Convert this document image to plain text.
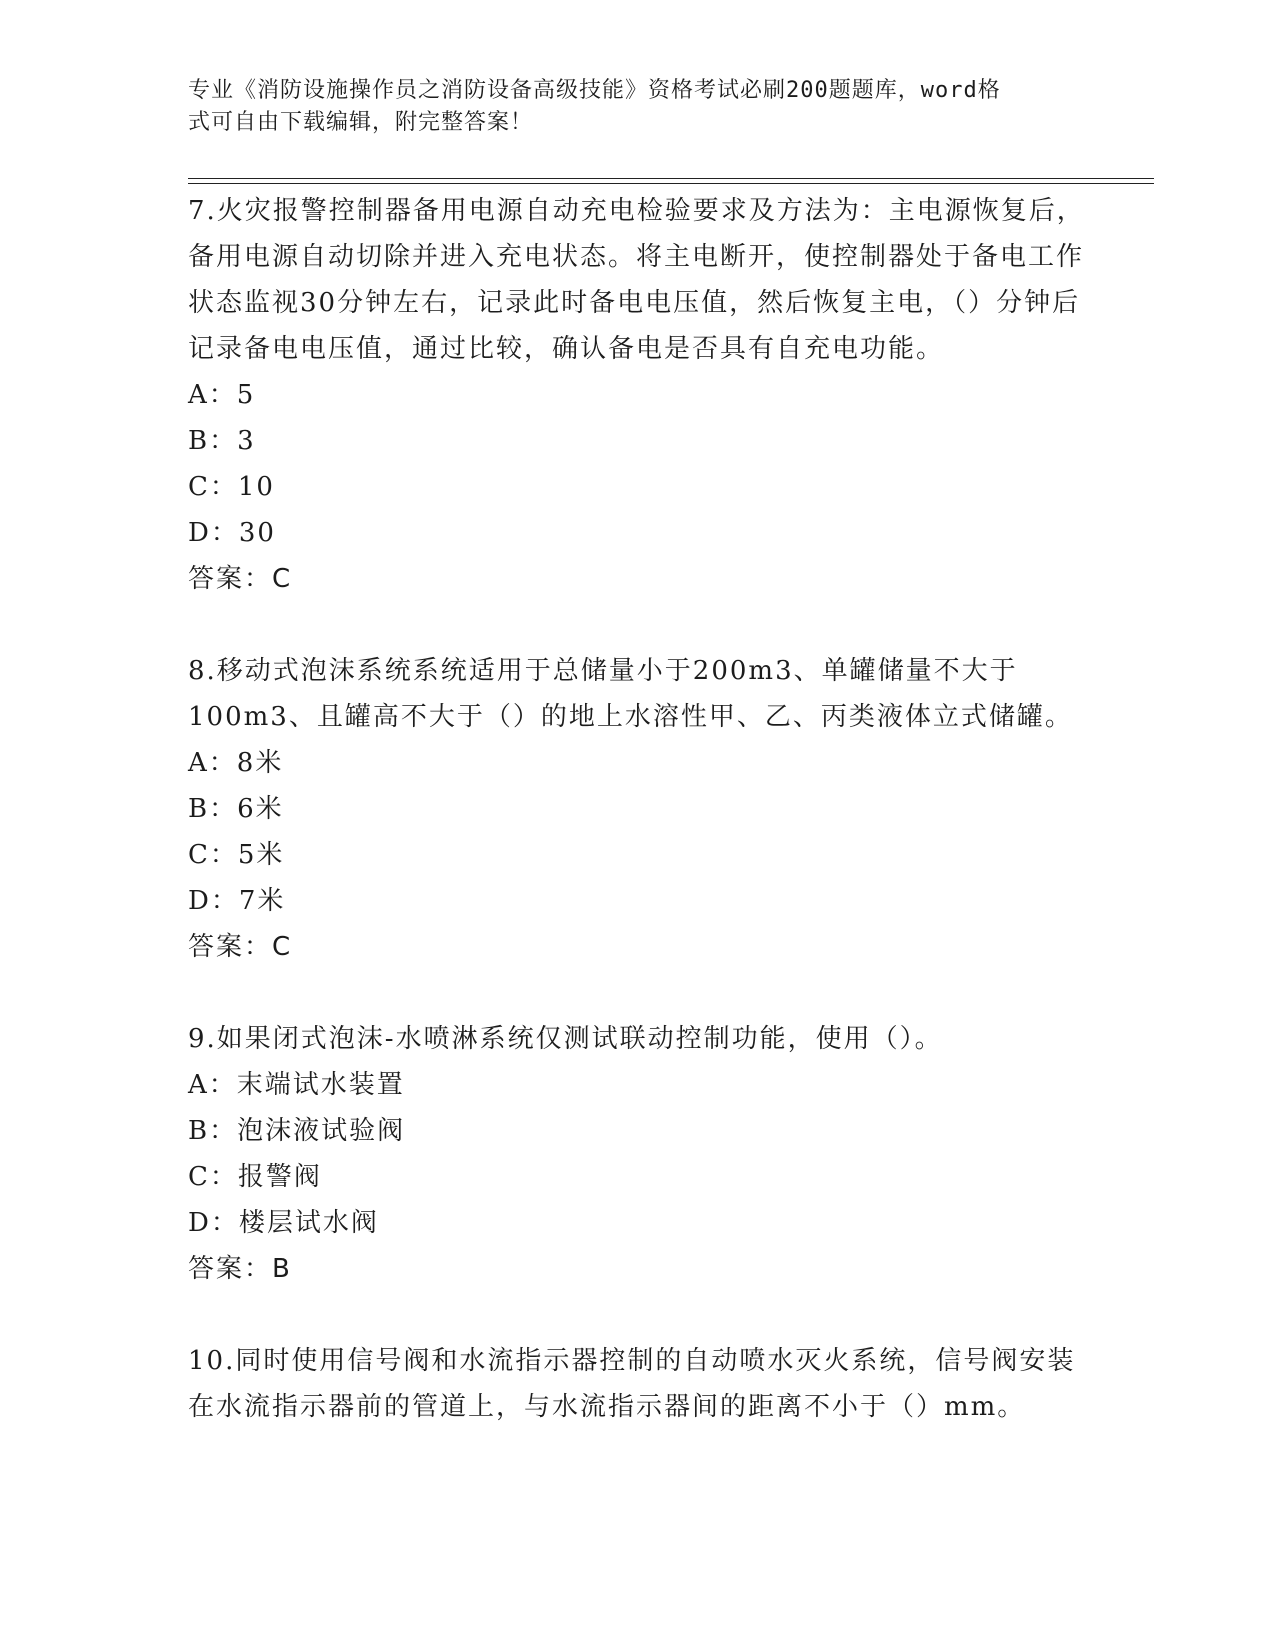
专业《消防设施操作员之消防设备高级技能》资格考试必刷200题题库，word格
式可自由下载编辑，附完整答案！

7.火灾报警控制器备用电源自动充电检验要求及方法为：主电源恢复后，备用电源自动切除并进入充电状态。将主电断开，使控制器处于备电工作状态监视30分钟左右，记录此时备电电压值，然后恢复主电，（）分钟后记录备电电压值，通过比较，确认备电是否具有自充电功能。

A：5

B：3

C：10

D：30

答案：C

8.移动式泡沫系统系统适用于总储量小于200m3、单罐储量不大于100m3、且罐高不大于（）的地上水溶性甲、乙、丙类液体立式储罐。

A：8米

B：6米

C：5米

D：7米

答案：C

9.如果闭式泡沫-水喷淋系统仅测试联动控制功能，使用（）。

A：末端试水装置

B：泡沫液试验阀

C：报警阀

D：楼层试水阀

答案：B

10.同时使用信号阀和水流指示器控制的自动喷水灭火系统，信号阀安装在水流指示器前的管道上，与水流指示器间的距离不小于（）mm。
